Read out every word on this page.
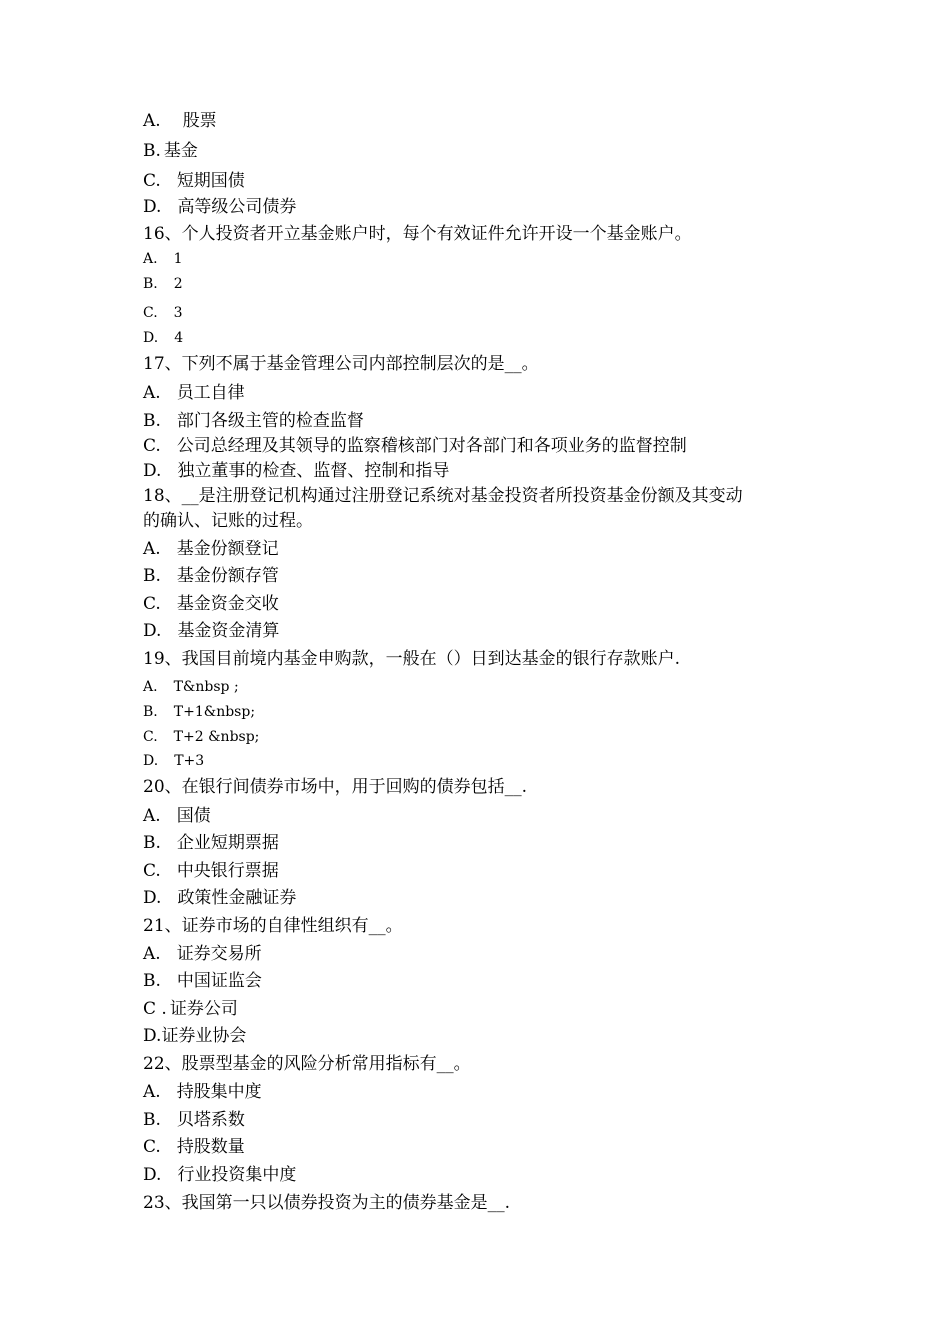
A. 股票
B. 基金
C. 短期国债
D. 高等级公司债券
16、个人投资者开立基金账户时，每个有效证件允许开设一个基金账户。
A. 1
B. 2
C. 3
D. 4
17、下列不属于基金管理公司内部控制层次的是__。
A. 员工自律
B. 部门各级主管的检查监督
C. 公司总经理及其领导的监察稽核部门对各部门和各项业务的监督控制
D. 独立董事的检查、监督、控制和指导
18、__是注册登记机构通过注册登记系统对基金投资者所投资基金份额及其变动
的确认、记账的过程。
A. 基金份额登记
B. 基金份额存管
C. 基金资金交收
D. 基金资金清算
19、我国目前境内基金申购款，一般在（）日到达基金的银行存款账户.
A. T&nbsp ;
B. T+1&nbsp;
C. T+2 &nbsp;
D. T+3
20、在银行间债券市场中，用于回购的债券包括__.
A. 国债
B. 企业短期票据
C. 中央银行票据
D. 政策性金融证券
21、证券市场的自律性组织有__。
A. 证券交易所
B. 中国证监会
C . 证券公司
D.证券业协会
22、股票型基金的风险分析常用指标有__。
A. 持股集中度
B. 贝塔系数
C. 持股数量
D. 行业投资集中度
23、我国第一只以债券投资为主的债券基金是__.
